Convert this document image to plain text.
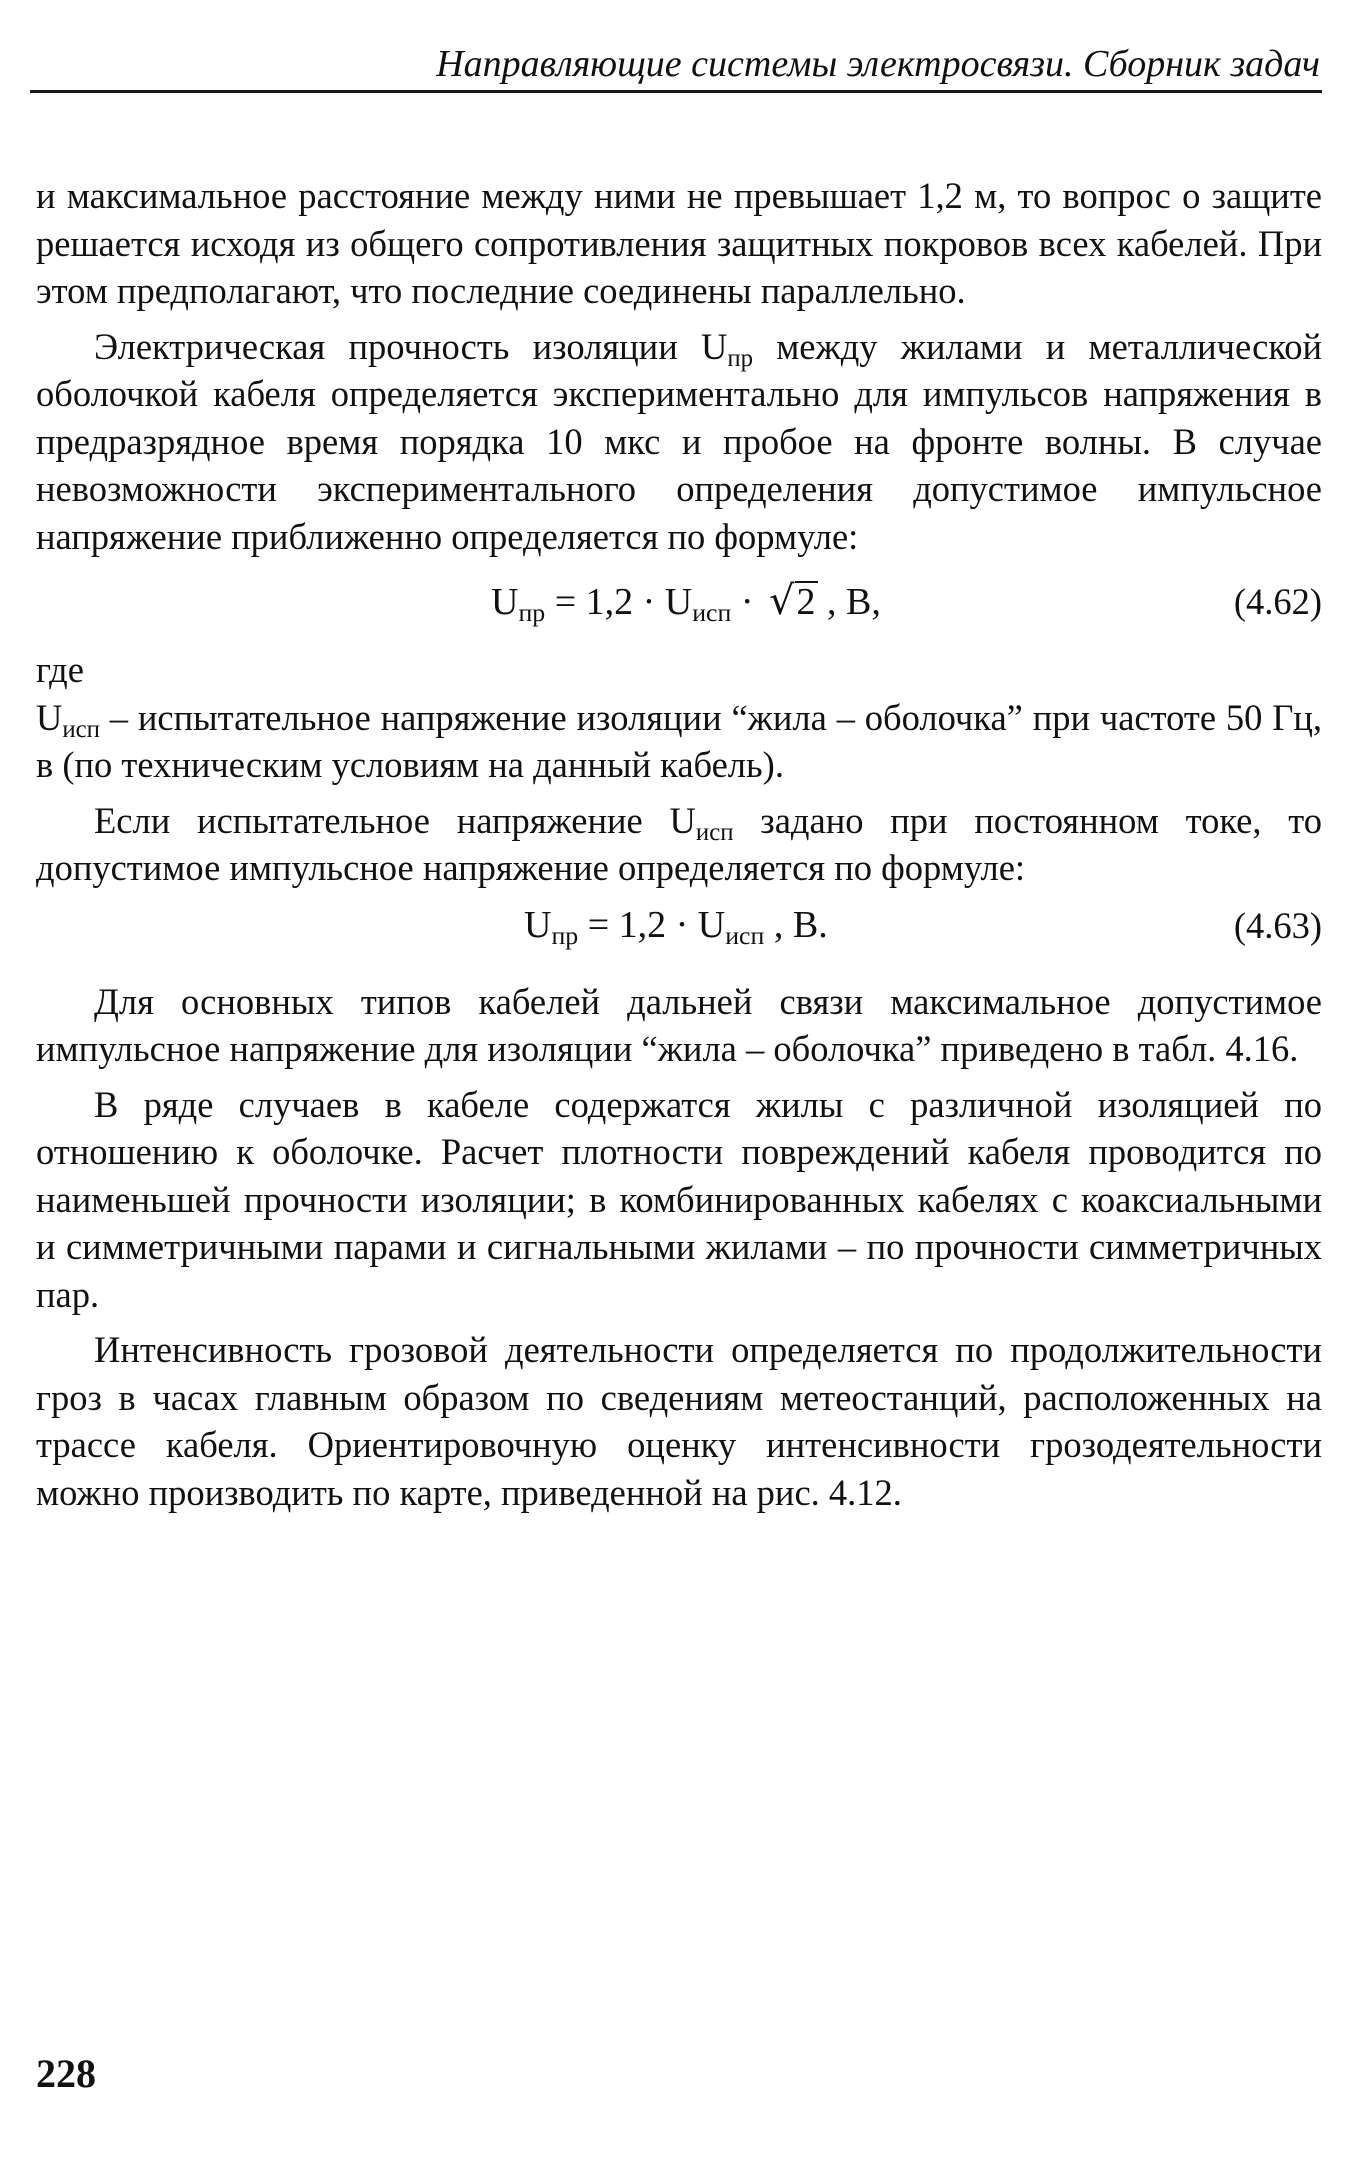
Направляющие системы электросвязи. Сборник задач

и максимальное расстояние между ними не превышает 1,2 м, то вопрос о защите решается исходя из общего сопротивления защитных покровов всех кабелей. При этом предполагают, что последние соединены параллельно.

Электрическая прочность изоляции $U_{пр}$ между жилами и металлической оболочкой кабеля определяется экспериментально для импульсов напряжения в предразрядное время порядка 10 мкс и пробое на фронте волны. В случае невозможности экспериментального определения допустимое импульсное напряжение приближенно определяется по формуле:

$U_{пр} = 1,2 \cdot U_{исп} \cdot √2$ , В,	(4.62)

где

$U_{исп}$ – испытательное напряжение изоляции “жила – оболочка” при частоте 50 Гц, в (по техническим условиям на данный кабель).

Если испытательное напряжение $U_{исп}$ задано при постоянном токе, то допустимое импульсное напряжение определяется по формуле:

$U_{пр} = 1,2 \cdot U_{исп}$ , В.	(4.63)

Для основных типов кабелей дальней связи максимальное допустимое импульсное напряжение для изоляции “жила – оболочка” приведено в табл. 4.16.

В ряде случаев в кабеле содержатся жилы с различной изоляцией по отношению к оболочке. Расчет плотности повреждений кабеля проводится по наименьшей прочности изоляции; в комбинированных кабелях с коаксиальными и симметричными парами и сигнальными жилами – по прочности симметричных пар.

Интенсивность грозовой деятельности определяется по продолжительности гроз в часах главным образом по сведениям метеостанций, расположенных на трассе кабеля. Ориентировочную оценку интенсивности грозодеятельности можно производить по карте, приведенной на рис. 4.12.

228
